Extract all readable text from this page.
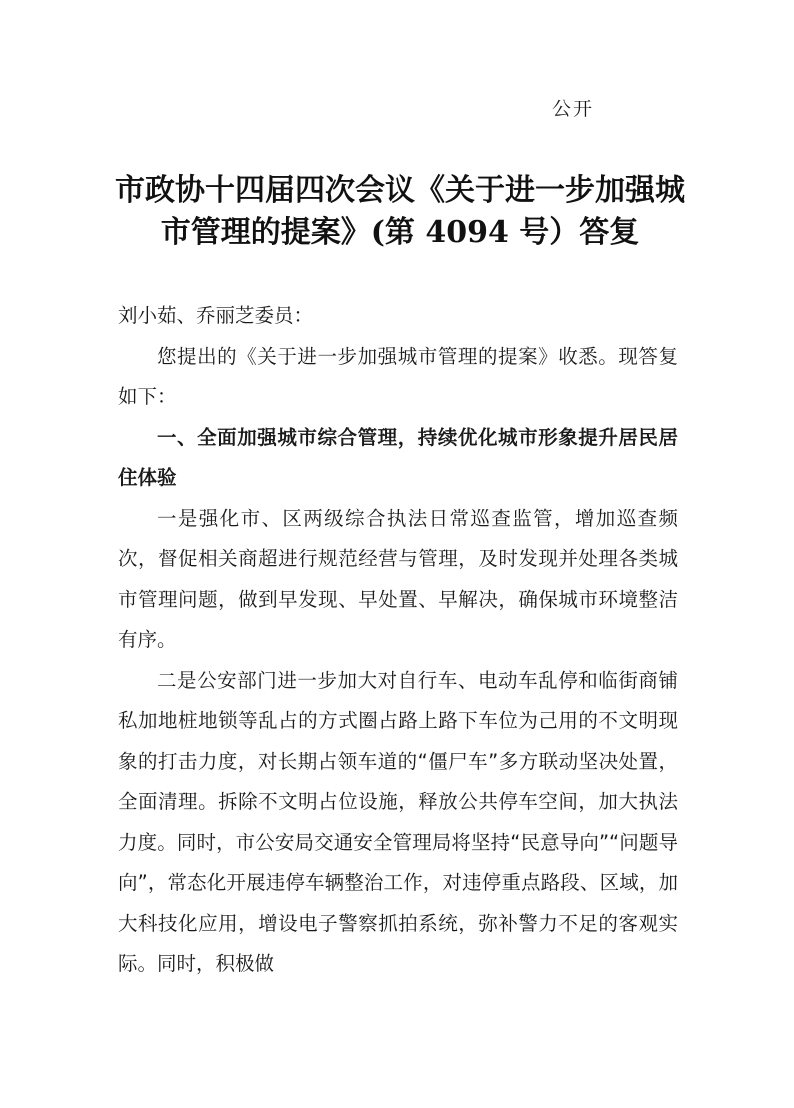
公开
市政协十四届四次会议《关于进一步加强城
市管理的提案》(第 4094 号）答复

刘小茹、乔丽芝委员：

您提出的《关于进一步加强城市管理的提案》收悉。现答复如下：

一、全面加强城市综合管理，持续优化城市形象提升居民居住体验

一是强化市、区两级综合执法日常巡查监管，增加巡查频次，督促相关商超进行规范经营与管理，及时发现并处理各类城市管理问题，做到早发现、早处置、早解决，确保城市环境整洁有序。

二是公安部门进一步加大对自行车、电动车乱停和临街商铺私加地桩地锁等乱占的方式圈占路上路下车位为己用的不文明现象的打击力度，对长期占领车道的“僵尸车”多方联动坚决处置，全面清理。拆除不文明占位设施，释放公共停车空间，加大执法力度。同时，市公安局交通安全管理局将坚持“民意导向”“问题导向”，常态化开展违停车辆整治工作，对违停重点路段、区域，加大科技化应用，增设电子警察抓拍系统，弥补警力不足的客观实际。同时，积极做
